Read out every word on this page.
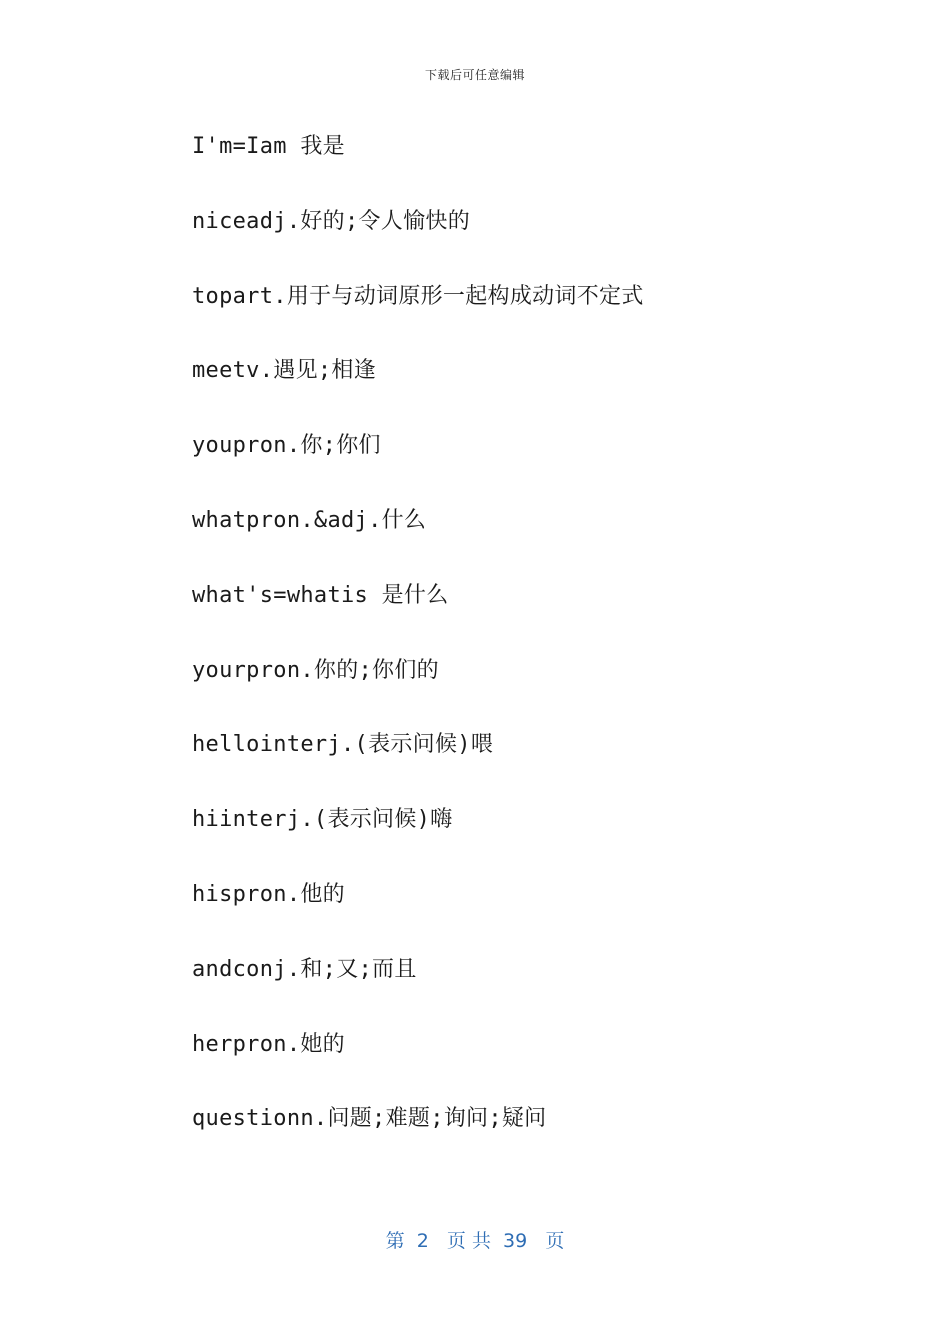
下载后可任意编辑
I'm=Iam 我是
niceadj.好的;令人愉快的
topart.用于与动词原形一起构成动词不定式
meetv.遇见;相逢
youpron.你;你们
whatpron.&adj.什么
what's=whatis 是什么
yourpron.你的;你们的
hellointerj.(表示问候)喂
hiinterj.(表示问候)嗨
hispron.他的
andconj.和;又;而且
herpron.她的
questionn.问题;难题;询问;疑问
第  2   页 共  39   页
